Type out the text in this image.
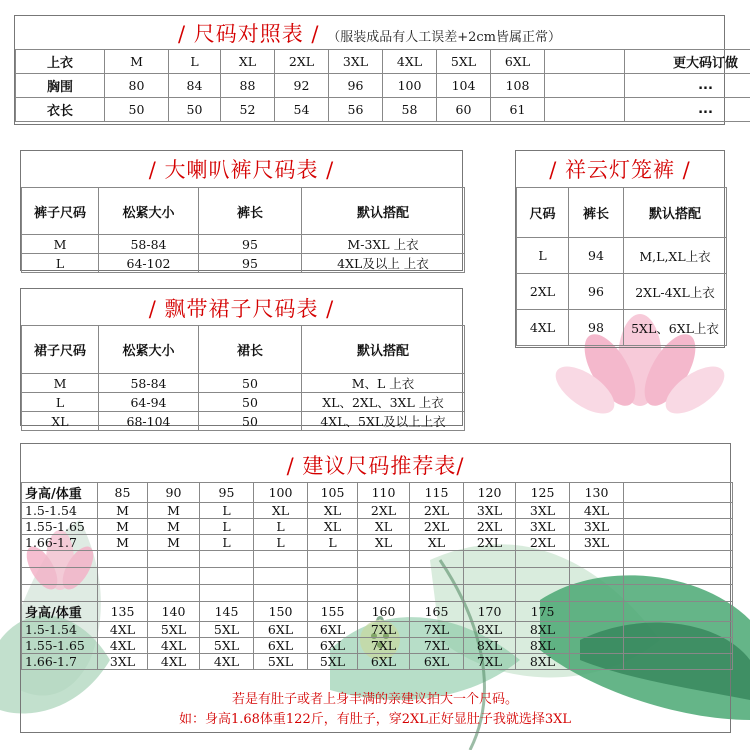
/ 尺码对照表 / （服装成品有人工误差+2cm皆属正常）
上衣	M	L	XL	2XL	3XL	4XL	5XL	6XL		更大码订做
胸围	80	84	88	92	96	100	104	108		...
衣长	50	50	52	54	56	58	60	61		...
/ 大喇叭裤尺码表 /
裤子尺码	松紧大小	裤长	默认搭配
M	58-84	95	M-3XL 上衣
L	64-102	95	4XL及以上 上衣
/ 祥云灯笼裤 /
尺码	裤长	默认搭配
L	94	M,L,XL上衣
2XL	96	2XL-4XL上衣
4XL	98	5XL、6XL上衣
/ 飘带裙子尺码表 /
裙子尺码	松紧大小	裙长	默认搭配
M	58-84	50	M、L 上衣
L	64-94	50	XL、2XL、3XL 上衣
XL	68-104	50	4XL、5XL及以上上衣
/ 建议尺码推荐表/
身高/体重	85	90	95	100	105	110	115	120	125	130	
1.5-1.54	M	M	L	XL	XL	2XL	2XL	3XL	3XL	4XL	
1.55-1.65	M	M	L	L	XL	XL	2XL	2XL	3XL	3XL	
1.66-1.7	M	M	L	L	L	XL	XL	2XL	2XL	3XL	

身高/体重	135	140	145	150	155	160	165	170	175		
1.5-1.54	4XL	5XL	5XL	6XL	6XL	7XL	7XL	8XL	8XL		
1.55-1.65	4XL	4XL	5XL	6XL	6XL	7XL	7XL	8XL	8XL		
1.66-1.7	3XL	4XL	4XL	5XL	5XL	6XL	6XL	7XL	8XL		
若是有肚子或者上身丰满的亲建议拍大一个尺码。
如：身高1.68体重122斤，有肚子，穿2XL正好显肚子我就选择3XL
